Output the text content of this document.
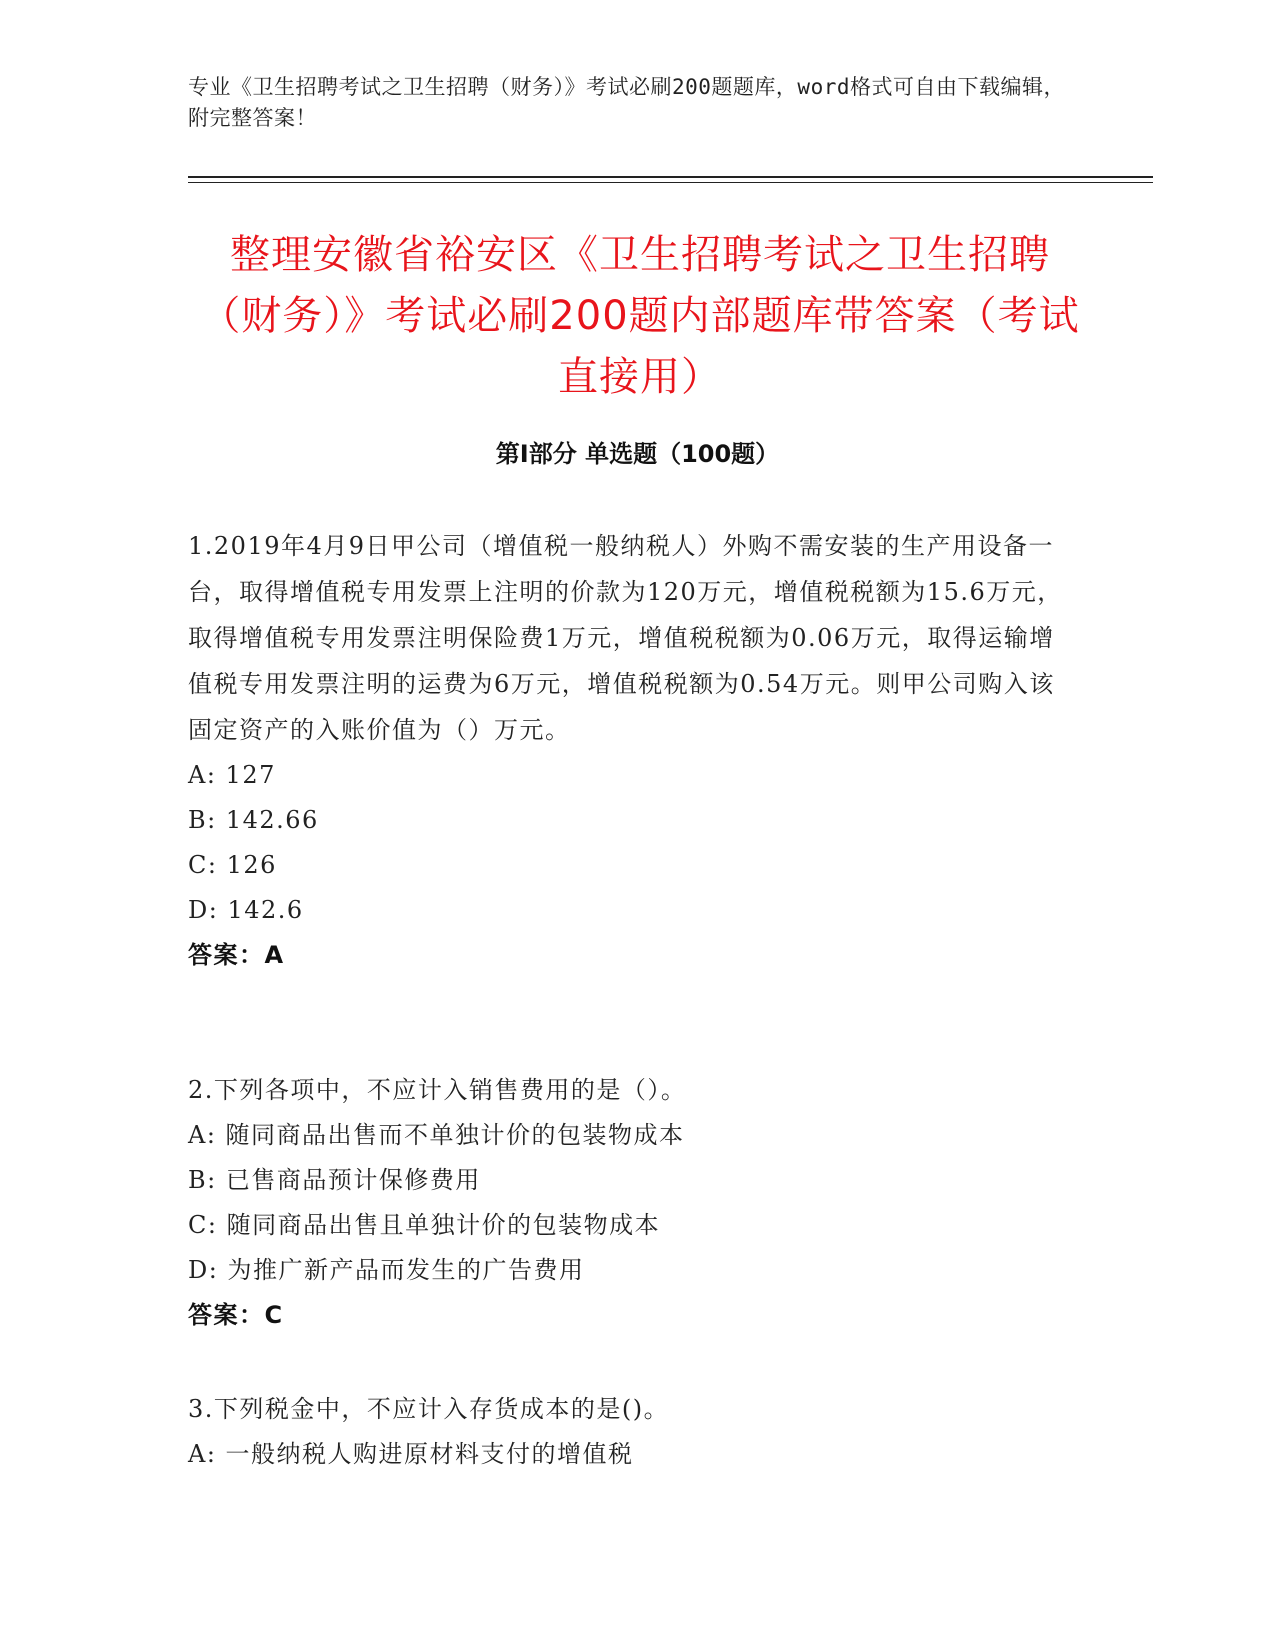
专业《卫生招聘考试之卫生招聘（财务）》考试必刷200题题库，word格式可自由下载编辑，附完整答案！
整理安徽省裕安区《卫生招聘考试之卫生招聘（财务）》考试必刷200题内部题库带答案（考试直接用）
第I部分 单选题（100题）

1.2019年4月9日甲公司（增值税一般纳税人）外购不需安装的生产用设备一台，取得增值税专用发票上注明的价款为120万元，增值税税额为15.6万元，取得增值税专用发票注明保险费1万元，增值税税额为0.06万元，取得运输增值税专用发票注明的运费为6万元，增值税税额为0.54万元。则甲公司购入该固定资产的入账价值为（）万元。

A: 127

B: 142.66

C: 126

D: 142.6

答案：A

2.下列各项中，不应计入销售费用的是（）。

A: 随同商品出售而不单独计价的包装物成本

B: 已售商品预计保修费用

C: 随同商品出售且单独计价的包装物成本

D: 为推广新产品而发生的广告费用

答案：C

3.下列税金中，不应计入存货成本的是()。

A: 一般纳税人购进原材料支付的增值税
